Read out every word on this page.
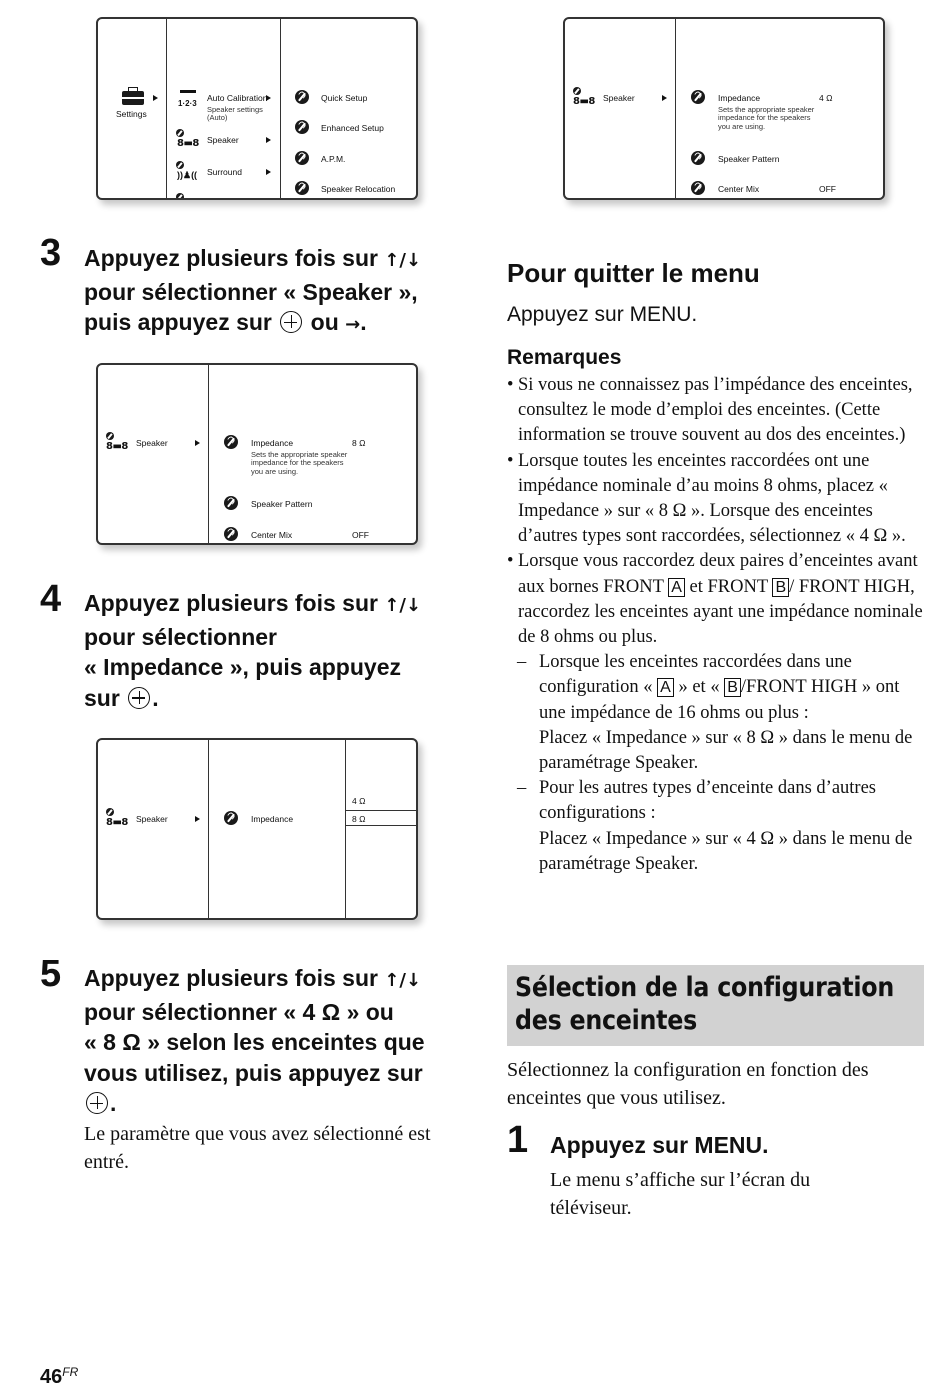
Settings
1·2·3
Auto Calibration
Speaker settings (Auto)
8▬8 Speaker
))♟(( Surround
Quick Setup
Enhanced Setup
A.P.M.
Speaker Relocation
8▬8 Speaker	Impedance	4 Ω
Sets the appropriate speaker impedance for the speakers you are using.
Speaker Pattern
Center Mix	OFF
3 Appuyez plusieurs fois sur ↑/↓
pour sélectionner « Speaker »,
puis appuyez sur  ou →.
8▬8 Speaker	Impedance	8 Ω
Sets the appropriate speaker impedance for the speakers you are using.
Speaker Pattern
Center Mix	OFF
4 Appuyez plusieurs fois sur ↑/↓
pour sélectionner
« Impedance », puis appuyez
sur .
8▬8 Speaker	Impedance
4 Ω
8 Ω
5 Appuyez plusieurs fois sur ↑/↓
pour sélectionner « 4 Ω » ou
« 8 Ω » selon les enceintes que
vous utilisez, puis appuyez sur
.
Le paramètre que vous avez sélectionné est entré.
Pour quitter le menu
Appuyez sur MENU.
Remarques
• Si vous ne connaissez pas l’impédance des enceintes, consultez le mode d’emploi des enceintes. (Cette information se trouve souvent au dos des enceintes.)
• Lorsque toutes les enceintes raccordées ont une impédance nominale d’au moins 8 ohms, placez « Impedance » sur « 8 Ω ». Lorsque des enceintes d’autres types sont raccordées, sélectionnez « 4 Ω ».
• Lorsque vous raccordez deux paires d’enceintes avant aux bornes FRONT A et FRONT B / FRONT HIGH, raccordez les enceintes ayant une impédance nominale de 8 ohms ou plus.
– Lorsque les enceintes raccordées dans une configuration « A » et « B /FRONT HIGH » ont une impédance de 16 ohms ou plus :
Placez « Impedance » sur « 8 Ω » dans le menu de paramétrage Speaker.
– Pour les autres types d’enceinte dans d’autres configurations :
Placez « Impedance » sur « 4 Ω » dans le menu de paramétrage Speaker.
Sélection de la configuration des enceintes
Sélectionnez la configuration en fonction des enceintes que vous utilisez.
1 Appuyez sur MENU.
Le menu s’affiche sur l’écran du téléviseur.
$46^{FR}$
